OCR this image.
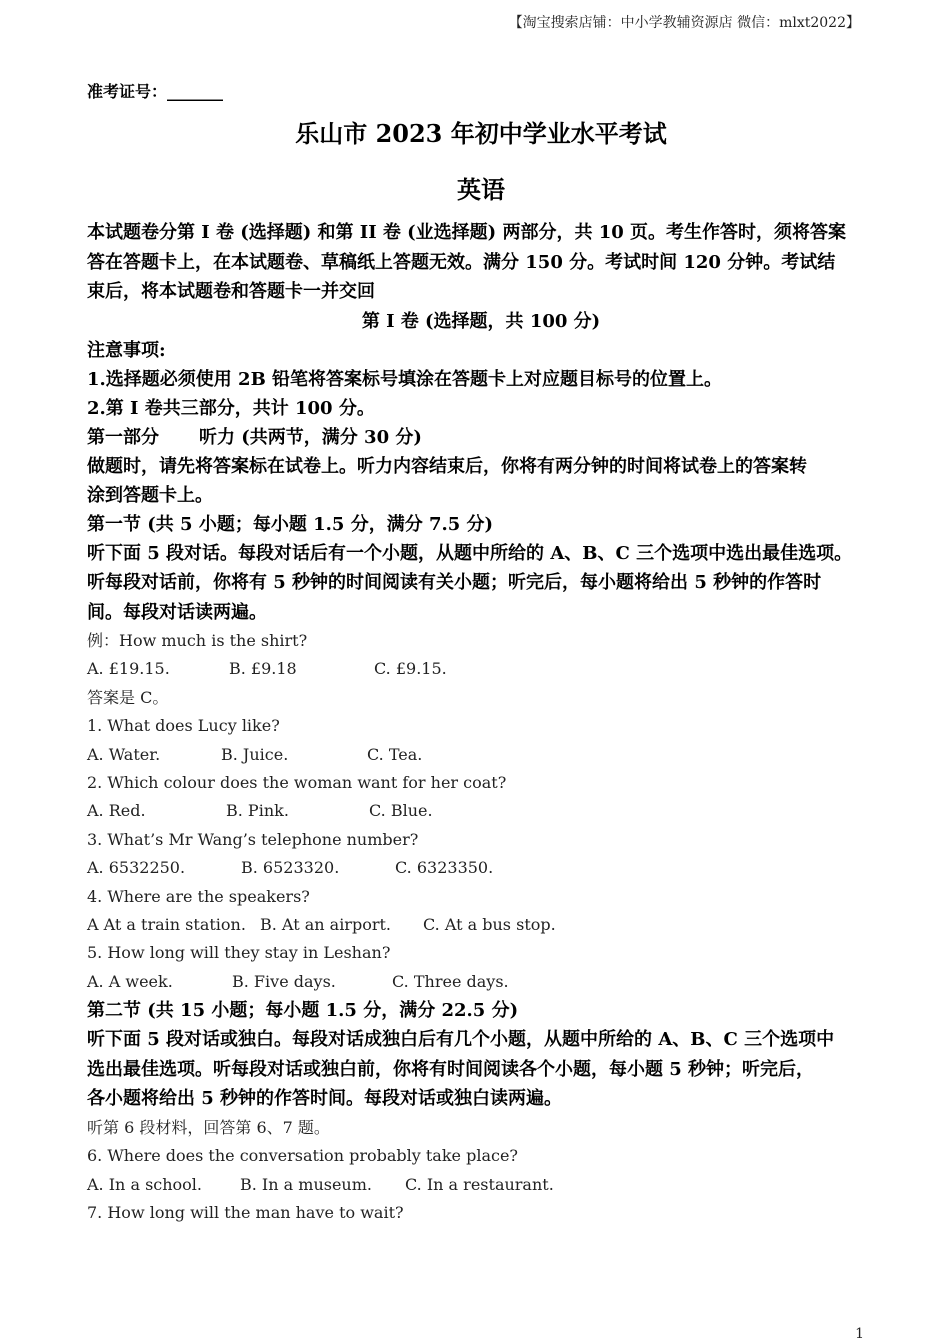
【淘宝搜索店铺：中小学教辅资源店 微信：mlxt2022】
准考证号：_______
乐山市 2023 年初中学业水平考试
英语
本试题卷分第 I 卷 (选择题) 和第 II 卷 (业选择题) 两部分，共 10 页。考生作答时，须将答案
答在答题卡上，在本试题卷、草稿纸上答题无效。满分 150 分。考试时间 120 分钟。考试结
束后，将本试题卷和答题卡一并交回
第 I 卷 (选择题，共 100 分)
注意事项:
1.选择题必须使用 2B 铅笔将答案标号填涂在答题卡上对应题目标号的位置上。
2.第 I 卷共三部分，共计 100 分。
第一部分 听力 (共两节，满分 30 分)
做题时，请先将答案标在试卷上。听力内容结束后，你将有两分钟的时间将试卷上的答案转
涂到答题卡上。
第一节 (共 5 小题；每小题 1.5 分，满分 7.5 分)
听下面 5 段对话。每段对话后有一个小题，从题中所给的 A、B、C 三个选项中选出最佳选项。
听每段对话前，你将有 5 秒钟的时间阅读有关小题；听完后，每小题将给出 5 秒钟的作答时
间。每段对话读两遍。
例：How much is the shirt?
A. £19.15.	B. £9.18	C. £9.15.
答案是 C。
1. What does Lucy like?
A. Water.	B. Juice.	C. Tea.
2. Which colour does the woman want for her coat?
A. Red.	B. Pink.	C. Blue.
3. What’s Mr Wang’s telephone number?
A. 6532250.	B. 6523320.	C. 6323350.
4. Where are the speakers?
A At a train station. B. At an airport. C. At a bus stop.
5. How long will they stay in Leshan?
A. A week.	B. Five days.	C. Three days.
第二节 (共 15 小题；每小题 1.5 分，满分 22.5 分)
听下面 5 段对话或独白。每段对话成独白后有几个小题，从题中所给的 A、B、C 三个选项中
选出最佳选项。听每段对话或独白前，你将有时间阅读各个小题，每小题 5 秒钟；听完后，
各小题将给出 5 秒钟的作答时间。每段对话或独白读两遍。
听第 6 段材料，回答第 6、7 题。
6. Where does the conversation probably take place?
A. In a school. B. In a museum. C. In a restaurant.
7. How long will the man have to wait?
1
